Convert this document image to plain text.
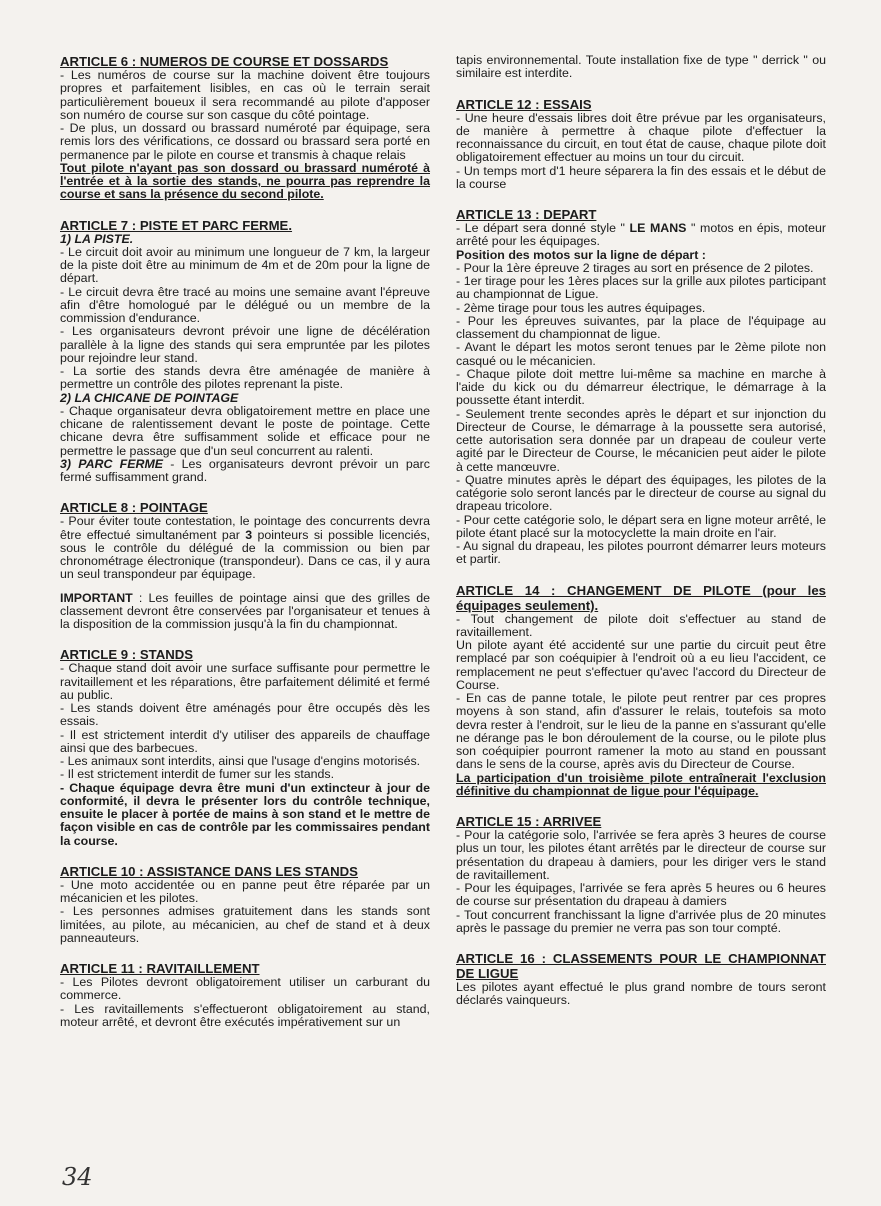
ARTICLE 6 : NUMEROS DE COURSE ET DOSSARDS

- Les numéros de course sur la machine doivent être toujours propres et parfaitement lisibles, en cas où le terrain serait particulièrement boueux il sera recommandé au pilote d'apposer son numéro de course sur son casque du côté pointage.

- De plus, un dossard ou brassard numéroté par équipage, sera remis lors des vérifications, ce dossard ou brassard sera porté en permanence par le pilote en course et transmis à chaque relais

Tout pilote n'ayant pas son dossard ou brassard numéroté à l'entrée et à la sortie des stands, ne pourra pas reprendre la course et sans la présence du second pilote.

ARTICLE 7 : PISTE ET PARC FERME.

1) LA PISTE.

- Le circuit doit avoir au minimum une longueur de 7 km, la largeur de la piste doit être au minimum de 4m et de 20m pour la ligne de départ.

- Le circuit devra être tracé au moins une semaine avant l'épreuve afin d'être homologué par le délégué ou un membre de la commission d'endurance.

- Les organisateurs devront prévoir une ligne de décélération parallèle à la ligne des stands qui sera empruntée par les pilotes pour rejoindre leur stand.

- La sortie des stands devra être aménagée de manière à permettre un contrôle des pilotes reprenant la piste.

2) LA CHICANE DE POINTAGE

- Chaque organisateur devra obligatoirement mettre en place une chicane de ralentissement devant le poste de pointage. Cette chicane devra être suffisamment solide et efficace pour ne permettre le passage que d'un seul concurrent au ralenti.

3) PARC FERME - Les organisateurs devront prévoir un parc fermé suffisamment grand.

ARTICLE 8 : POINTAGE

- Pour éviter toute contestation, le pointage des concurrents devra être effectué simultanément par 3 pointeurs si possible licenciés, sous le contrôle du délégué de la commission ou bien par chronométrage électronique (transpondeur). Dans ce cas, il y aura un seul transpondeur par équipage.

IMPORTANT : Les feuilles de pointage ainsi que des grilles de classement devront être conservées par l'organisateur et tenues à la disposition de la commission jusqu'à la fin du championnat.

ARTICLE 9 : STANDS

- Chaque stand doit avoir une surface suffisante pour permettre le ravitaillement et les réparations, être parfaitement délimité et fermé au public.

- Les stands doivent être aménagés pour être occupés dès les essais.

- Il est strictement interdit d'y utiliser des appareils de chauffage ainsi que des barbecues.

- Les animaux sont interdits, ainsi que l'usage d'engins motorisés.

- Il est strictement interdit de fumer sur les stands.

- Chaque équipage devra être muni d'un extincteur à jour de conformité, il devra le présenter lors du contrôle technique, ensuite le placer à portée de mains à son stand et le mettre de façon visible en cas de contrôle par les commissaires pendant la course.

ARTICLE 10 : ASSISTANCE DANS LES STANDS

- Une moto accidentée ou en panne peut être réparée par un mécanicien et les pilotes.

- Les personnes admises gratuitement dans les stands sont limitées, au pilote, au mécanicien, au chef de stand et à deux panneauteurs.

ARTICLE 11 : RAVITAILLEMENT

- Les Pilotes devront obligatoirement utiliser un carburant du commerce.

- Les ravitaillements s'effectueront obligatoirement au stand, moteur arrêté, et devront être exécutés impérativement sur un

tapis environnemental. Toute installation fixe de type " derrick " ou similaire est interdite.

ARTICLE 12 : ESSAIS

- Une heure d'essais libres doit être prévue par les organisateurs, de manière à permettre à chaque pilote d'effectuer la reconnaissance du circuit, en tout état de cause, chaque pilote doit obligatoirement effectuer au moins un tour du circuit.

- Un temps mort d'1 heure séparera la fin des essais et le début de la course

ARTICLE 13 : DEPART

- Le départ sera donné style " LE MANS " motos en épis, moteur arrêté pour les équipages.

Position des motos sur la ligne de départ :

- Pour la 1ère épreuve 2 tirages au sort en présence de 2 pilotes.

- 1er tirage pour les 1ères places sur la grille aux pilotes participant au championnat de Ligue.

- 2ème tirage pour tous les autres équipages.

- Pour les épreuves suivantes, par la place de l'équipage au classement du championnat de ligue.

- Avant le départ les motos seront tenues par le 2ème pilote non casqué ou le mécanicien.

- Chaque pilote doit mettre lui-même sa machine en marche à l'aide du kick ou du démarreur électrique, le démarrage à la poussette étant interdit.

- Seulement trente secondes après le départ et sur injonction du Directeur de Course, le démarrage à la poussette sera autorisé, cette autorisation sera donnée par un drapeau de couleur verte agité par le Directeur de Course, le mécanicien peut aider le pilote à cette manœuvre.

- Quatre minutes après le départ des équipages, les pilotes de la catégorie solo seront lancés par le directeur de course au signal du drapeau tricolore.

- Pour cette catégorie solo, le départ sera en ligne moteur arrêté, le pilote étant placé sur la motocyclette la main droite en l'air.

- Au signal du drapeau, les pilotes pourront démarrer leurs moteurs et partir.

ARTICLE 14 : CHANGEMENT DE PILOTE (pour les équipages seulement).

- Tout changement de pilote doit s'effectuer au stand de ravitaillement.

Un pilote ayant été accidenté sur une partie du circuit peut être remplacé par son coéquipier à l'endroit où a eu lieu l'accident, ce remplacement ne peut s'effectuer qu'avec l'accord du Directeur de Course.

- En cas de panne totale, le pilote peut rentrer par ces propres moyens à son stand, afin d'assurer le relais, toutefois sa moto devra rester à l'endroit, sur le lieu de la panne en s'assurant qu'elle ne dérange pas le bon déroulement de la course, ou le pilote plus son coéquipier pourront ramener la moto au stand en poussant dans le sens de la course, après avis du Directeur de Course.

La participation d'un troisième pilote entraînerait l'exclusion définitive du championnat de ligue pour l'équipage.

ARTICLE 15 : ARRIVEE

- Pour la catégorie solo, l'arrivée se fera après 3 heures de course plus un tour, les pilotes étant arrêtés par le directeur de course sur présentation du drapeau à damiers, pour les diriger vers le stand de ravitaillement.

- Pour les équipages, l'arrivée se fera après 5 heures ou 6 heures de course sur présentation du drapeau à damiers

- Tout concurrent franchissant la ligne d'arrivée plus de 20 minutes après le passage du premier ne verra pas son tour compté.

ARTICLE 16 : CLASSEMENTS POUR LE CHAMPIONNAT DE LIGUE

Les pilotes ayant effectué le plus grand nombre de tours seront déclarés vainqueurs.

34
